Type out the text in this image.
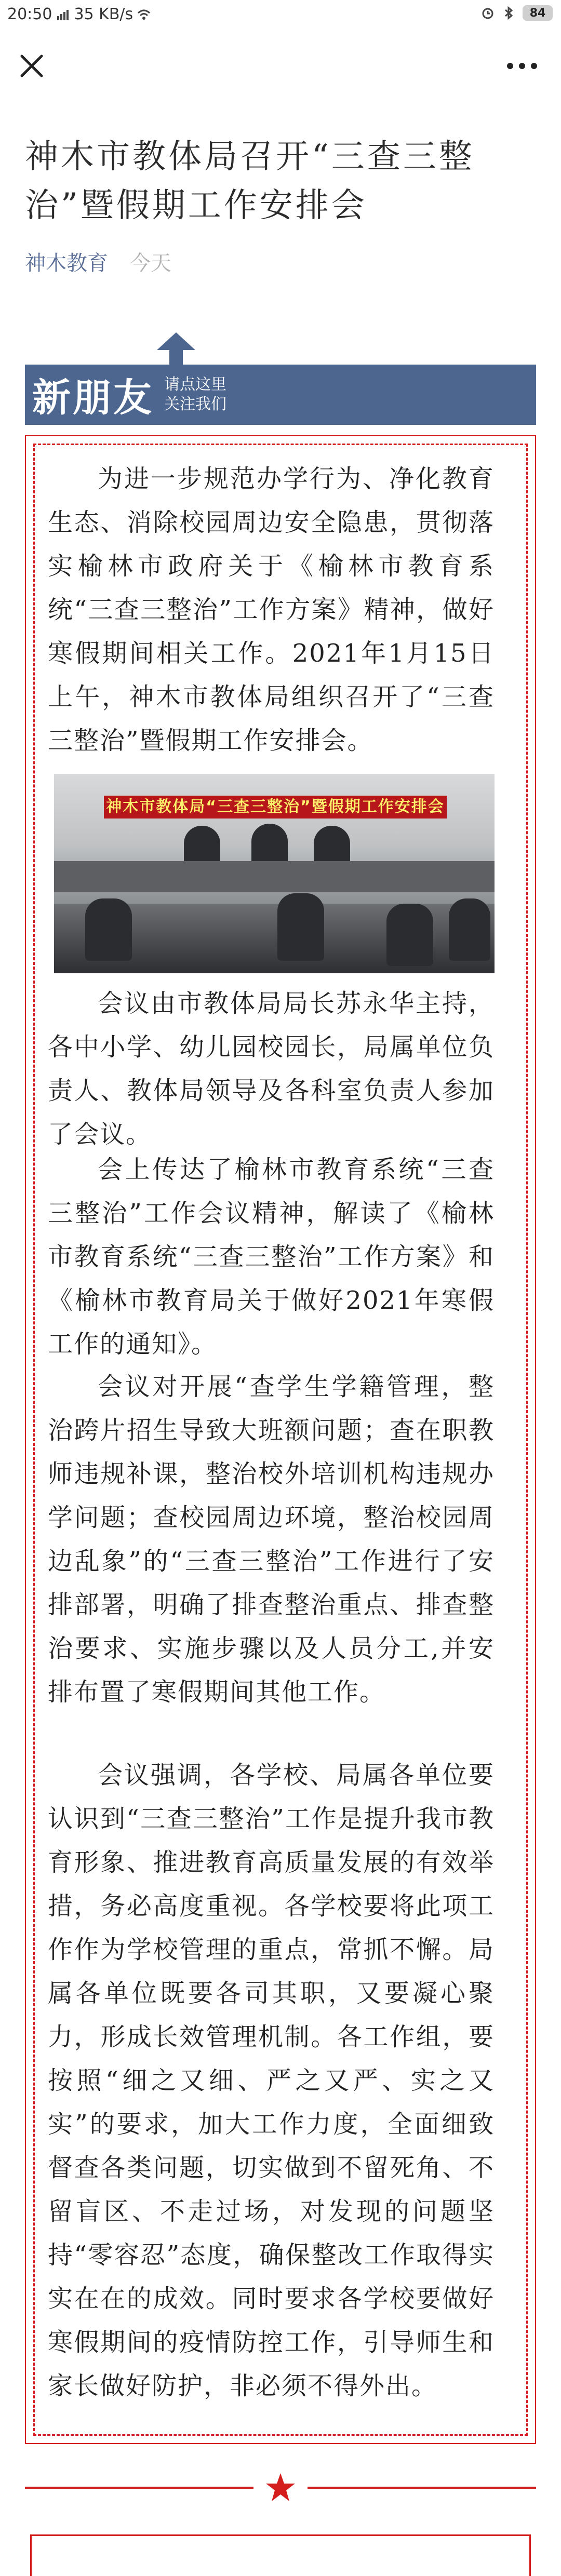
20:50 35 KB/s	84
神木市教体局召开“三查三整治”暨假期工作安排会
神木教育 今天
新朋友 请点这里
关注我们

为进一步规范办学行为、净化教育生态、消除校园周边安全隐患，贯彻落实榆林市政府关于《榆林市教育系统“三查三整治”工作方案》精神，做好寒假期间相关工作。2021年1月15日上午，神木市教体局组织召开了“三查三整治”暨假期工作安排会。

神木市教体局“三查三整治”暨假期工作安排会

会议由市教体局局长苏永华主持，各中小学、幼儿园校园长，局属单位负责人、教体局领导及各科室负责人参加了会议。

会上传达了榆林市教育系统“三查三整治”工作会议精神，解读了《榆林市教育系统“三查三整治”工作方案》和《榆林市教育局关于做好2021年寒假工作的通知》。

会议对开展“查学生学籍管理，整治跨片招生导致大班额问题；查在职教师违规补课，整治校外培训机构违规办学问题；查校园周边环境，整治校园周边乱象”的“三查三整治”工作进行了安排部署，明确了排查整治重点、排查整治要求、实施步骤以及人员分工,并安排布置了寒假期间其他工作。

会议强调，各学校、局属各单位要认识到“三查三整治”工作是提升我市教育形象、推进教育高质量发展的有效举措，务必高度重视。各学校要将此项工作作为学校管理的重点，常抓不懈。局属各单位既要各司其职，又要凝心聚力，形成长效管理机制。各工作组，要按照“细之又细、严之又严、实之又实”的要求，加大工作力度，全面细致督查各类问题，切实做到不留死角、不留盲区、不走过场，对发现的问题坚持“零容忍”态度，确保整改工作取得实实在在的成效。同时要求各学校要做好寒假期间的疫情防控工作，引导师生和家长做好防护，非必须不得外出。
